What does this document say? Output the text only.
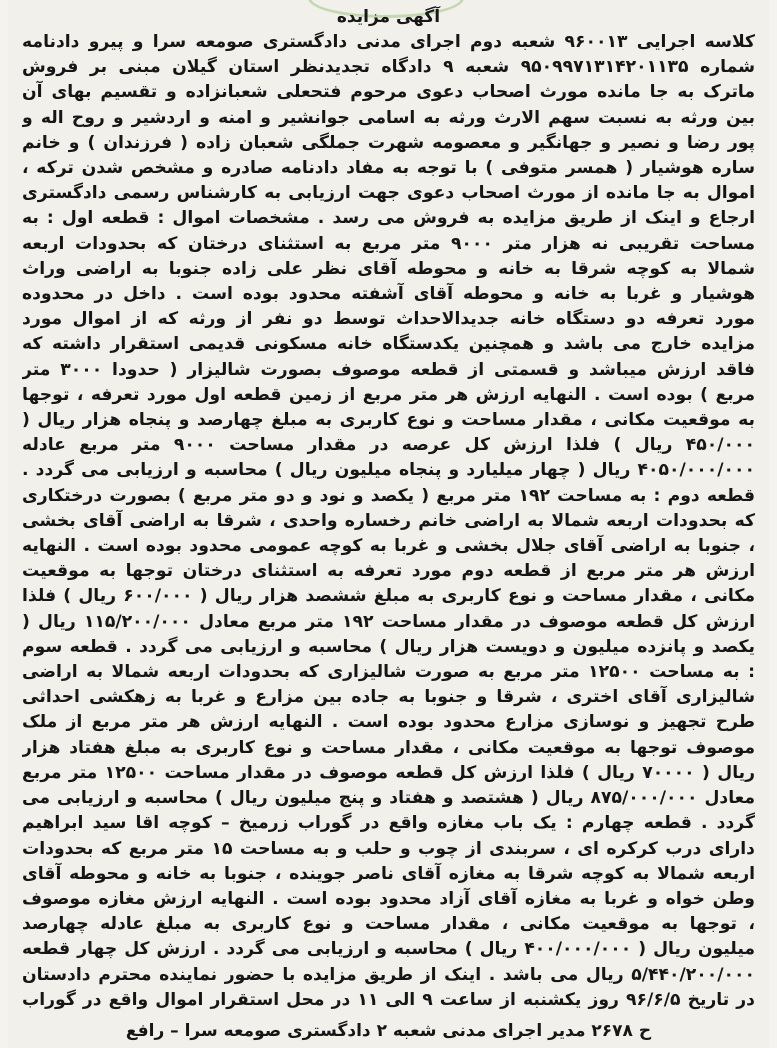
آگهی مزایده

کلاسه اجرایی ۹۶۰۰۱۳ شعبه دوم اجرای مدنی دادگستری صومعه سرا و پیرو دادنامه شماره ۹۵۰۹۹۷۱۳۱۴۲۰۱۱۳۵ شعبه ۹ دادگاه تجدیدنظر استان گیلان مبنی بر فروش ماترک به جا مانده مورث اصحاب دعوی مرحوم فتحعلی شعبانزاده و تقسیم بهای آن بین ورثه به نسبت سهم الارث ورثه به اسامی جوانشیر و امنه و اردشیر و روح اله و پور رضا و نصیر و جهانگیر و معصومه شهرت جملگی شعبان زاده ( فرزندان ) و خانم ساره هوشیار ( همسر متوفی ) با توجه به مفاد دادنامه صادره و مشخص شدن ترکه ، اموال به جا مانده از مورث اصحاب دعوی جهت ارزیابی به کارشناس رسمی دادگستری ارجاع و اینک از طریق مزایده به فروش می رسد . مشخصات اموال : قطعه اول : به مساحت تقریبی نه هزار متر ۹۰۰۰ متر مربع به استثنای درختان که بحدودات اربعه شمالا به کوچه شرقا به خانه و محوطه آقای نظر علی زاده جنوبا به اراضی وراث هوشیار و غربا به خانه و محوطه آقای آشفته محدود بوده است . داخل در محدوده مورد تعرفه دو دستگاه خانه جدیدالاحداث توسط دو نفر از ورثه که از اموال مورد مزایده خارج می باشد و همچنین یکدستگاه خانه مسکونی قدیمی استقرار داشته که فاقد ارزش میباشد و قسمتی از قطعه موصوف بصورت شالیزار ( حدودا ۳۰۰۰ متر مربع ) بوده است . النهایه ارزش هر متر مربع از زمین قطعه اول مورد تعرفه ، توجها به موقعیت مکانی ، مقدار مساحت و نوع کاربری به مبلغ چهارصد و پنجاه هزار ریال ( ۴۵۰/۰۰۰ ریال ) فلذا ارزش کل عرصه در مقدار مساحت ۹۰۰۰ متر مربع عادله ۴۰۵۰/۰۰۰/۰۰۰ ریال ( چهار میلیارد و پنجاه میلیون ریال ) محاسبه و ارزیابی می گردد . قطعه دوم : به مساحت ۱۹۲ متر مربع ( یکصد و نود و دو متر مربع ) بصورت درختکاری که بحدودات اربعه شمالا به اراضی خانم رخساره واحدی ، شرقا به اراضی آقای بخشی ، جنوبا به اراضی آقای جلال بخشی و غربا به کوچه عمومی محدود بوده است . النهایه ارزش هر متر مربع از قطعه دوم مورد تعرفه به استثنای درختان توجها به موقعیت مکانی ، مقدار مساحت و نوع کاربری به مبلغ ششصد هزار ریال ( ۶۰۰/۰۰۰ ریال ) فلذا ارزش کل قطعه موصوف در مقدار مساحت ۱۹۲ متر مربع معادل ۱۱۵/۲۰۰/۰۰۰ ریال ( یکصد و پانزده میلیون و دویست هزار ریال ) محاسبه و ارزیابی می گردد . قطعه سوم : به مساحت ۱۲۵۰۰ متر مربع به صورت شالیزاری که بحدودات اربعه شمالا به اراضی شالیزاری آقای اختری ، شرقا و جنوبا به جاده بین مزارع و غربا به زهکشی احداثی طرح تجهیز و نوسازی مزارع محدود بوده است . النهایه ارزش هر متر مربع از ملک موصوف توجها به موقعیت مکانی ، مقدار مساحت و نوع کاربری به مبلغ هفتاد هزار ریال ( ۷۰۰۰۰ ریال ) فلذا ارزش کل قطعه موصوف در مقدار مساحت ۱۲۵۰۰ متر مربع معادل ۸۷۵/۰۰۰/۰۰۰ ریال ( هشتصد و هفتاد و پنج میلیون ریال ) محاسبه و ارزیابی می گردد . قطعه چهارم : یک باب مغازه واقع در گوراب زرمیخ – کوچه اقا سید ابراهیم دارای درب کرکره ای ، سربندی از چوب و حلب و به مساحت ۱۵ متر مربع که بحدودات اربعه شمالا به کوچه شرقا به مغازه آقای ناصر جوینده ، جنوبا به خانه و محوطه آقای وطن خواه و غربا به مغازه آقای آزاد محدود بوده است . النهایه ارزش مغازه موصوف ، توجها به موقعیت مکانی ، مقدار مساحت و نوع کاربری به مبلغ عادله چهارصد میلیون ریال ( ۴۰۰/۰۰۰/۰۰۰ ریال ) محاسبه و ارزیابی می گردد . ارزش کل چهار قطعه ۵/۴۴۰/۲۰۰/۰۰۰ ریال می باشد . اینک از طریق مزایده با حضور نماینده محترم دادستان در تاریخ ۹۶/۶/۵ روز یکشنبه از ساعت ۹ الی ۱۱ در محل استقرار اموال واقع در گوراب

ح ۲۶۷۸ مدیر اجرای مدنی شعبه ۲ دادگستری صومعه سرا – رافع
